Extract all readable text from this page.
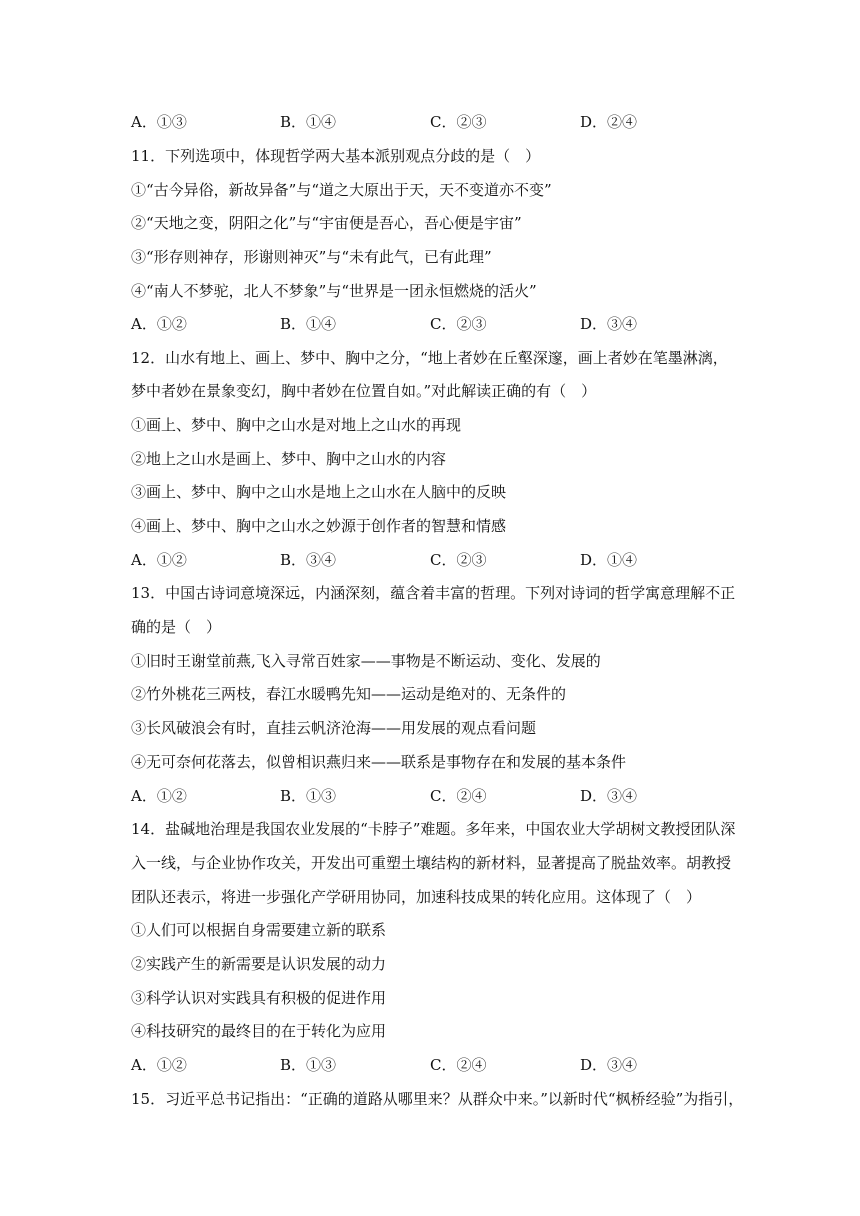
A．①③	B．①④	C．②③	D．②④
11．下列选项中，体现哲学两大基本派别观点分歧的是（　）
①“古今异俗，新故异备”与“道之大原出于天，天不变道亦不变”
②“天地之变，阴阳之化”与“宇宙便是吾心，吾心便是宇宙”
③“形存则神存，形谢则神灭”与“未有此气，已有此理”
④“南人不梦驼，北人不梦象”与“世界是一团永恒燃烧的活火”
A．①②	B．①④	C．②③	D．③④
12．山水有地上、画上、梦中、胸中之分，“地上者妙在丘壑深邃，画上者妙在笔墨淋漓，
梦中者妙在景象变幻，胸中者妙在位置自如。”对此解读正确的有（　）
①画上、梦中、胸中之山水是对地上之山水的再现
②地上之山水是画上、梦中、胸中之山水的内容
③画上、梦中、胸中之山水是地上之山水在人脑中的反映
④画上、梦中、胸中之山水之妙源于创作者的智慧和情感
A．①②	B．③④	C．②③	D．①④
13．中国古诗词意境深远，内涵深刻，蕴含着丰富的哲理。下列对诗词的哲学寓意理解不正
确的是（　）
①旧时王谢堂前燕,飞入寻常百姓家——事物是不断运动、变化、发展的
②竹外桃花三两枝，春江水暖鸭先知——运动是绝对的、无条件的
③长风破浪会有时，直挂云帆济沧海——用发展的观点看问题
④无可奈何花落去，似曾相识燕归来——联系是事物存在和发展的基本条件
A．①②	B．①③	C．②④	D．③④
14．盐碱地治理是我国农业发展的“卡脖子”难题。多年来，中国农业大学胡树文教授团队深
入一线，与企业协作攻关，开发出可重塑土壤结构的新材料，显著提高了脱盐效率。胡教授
团队还表示，将进一步强化产学研用协同，加速科技成果的转化应用。这体现了（　）
①人们可以根据自身需要建立新的联系
②实践产生的新需要是认识发展的动力
③科学认识对实践具有积极的促进作用
④科技研究的最终目的在于转化为应用
A．①②	B．①③	C．②④	D．③④
15．习近平总书记指出：“正确的道路从哪里来？从群众中来。”以新时代“枫桥经验”为指引，
